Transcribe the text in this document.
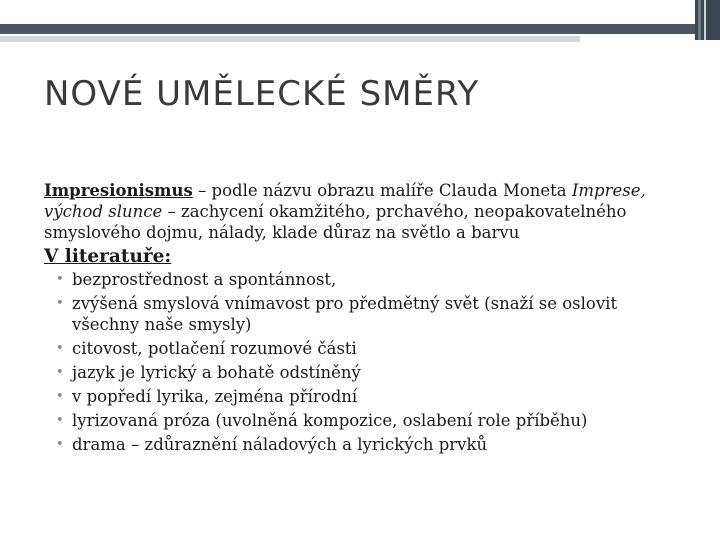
NOVÉ UMĚLECKÉ SMĚRY

Impresionismus – podle názvu obrazu malíře Clauda Moneta Imprese, východ slunce – zachycení okamžitého, prchavého, neopakovatelného smyslového dojmu, nálady, klade důraz na světlo a barvu

V literatuře:
• bezprostřednost a spontánnost,
• zvýšená smyslová vnímavost pro předmětný svět (snaží se oslovit všechny naše smysly)
• citovost, potlačení rozumové části
• jazyk je lyrický a bohatě odstíněný
• v popředí lyrika, zejména přírodní
• lyrizovaná próza (uvolněná kompozice, oslabení role příběhu)
• drama – zdůraznění náladových a lyrických prvků
